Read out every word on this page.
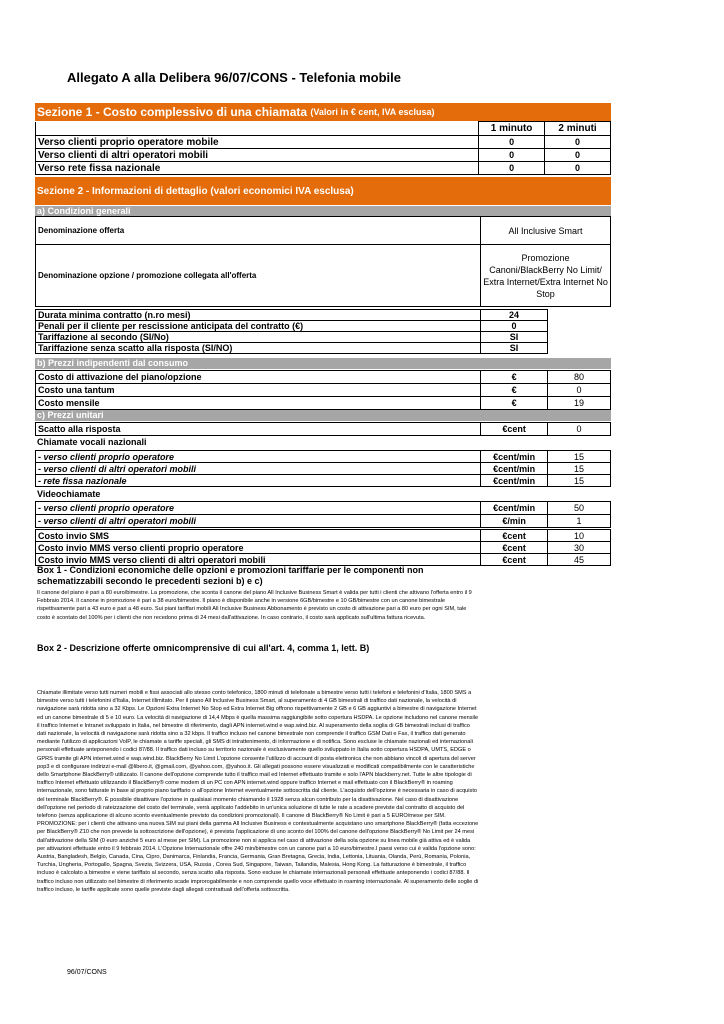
Allegato A alla Delibera 96/07/CONS - Telefonia mobile
Sezione 1 - Costo complessivo di una chiamata
(Valori in € cent, IVA esclusa)
	1 minuto	2 minuti
Verso clienti proprio operatore mobile	0	0
Verso clienti di altri operatori mobili	0	0
Verso rete fissa nazionale	0	0
Sezione 2 - Informazioni di dettaglio (valori economici IVA esclusa)
a) Condizioni generali
Denominazione offerta	All Inclusive Smart
Denominazione opzione / promozione collegata all'offerta	Promozione Canoni/BlackBerry No Limit/ Extra Internet/Extra Internet No Stop
Durata minima contratto (n.ro mesi)	24
Penali per il cliente per rescissione anticipata del contratto (€)	0
Tariffazione al secondo (SI/No)	SI
Tariffazione senza scatto alla risposta (SI/NO)	SI
b) Prezzi indipendenti dal consumo
Costo di attivazione del piano/opzione	€	80
Costo una tantum	€	0
Costo mensile	€	19
c) Prezzi unitari
Scatto alla risposta	€cent	0
Chiamate vocali nazionali
- verso clienti proprio operatore	€cent/min	15
- verso clienti di altri operatori mobili	€cent/min	15
- rete fissa nazionale	€cent/min	15
Videochiamate
- verso clienti proprio operatore	€cent/min	50
- verso clienti di altri operatori mobili	€/min	1
Costo invio SMS	€cent	10
Costo invio MMS verso clienti proprio operatore	€cent	30
Costo invio MMS verso clienti di altri operatori mobili	€cent	45
Box 1 - Condizioni economiche delle opzioni e promozioni tariffarie per le componenti non schematizzabili secondo le precedenti sezioni b) e c)
Il canone del piano è pari a 80 euro/bimestre. La promozione, che sconta il canone del piano All Inclusive Business Smart è valida per tutti i clienti che attivano l'offerta entro il 9 Febbraio 2014. Il canone in promozione è pari a 38 euro/bimestre. Il piano è disponibile anche in versione 6GB/bimestre e 10 GB/bimestre con un canone bimestrale rispettivamente pari a 43 euro e pari a 48 euro. Sui piani tariffari mobili All Inclusive Business Abbonamento è previsto un costo di attivazione pari a 80 euro per ogni SIM, tale costo è scontato del 100% per i clienti che non recedono prima di 24 mesi dall'attivazione. In caso contrario, il costo sarà applicato sull'ultima fattura ricevuta.
Box 2 - Descrizione offerte omnicomprensive di cui all'art. 4, comma 1, lett. B)
Chiamate illimitate verso tutti numeri mobili e fissi associati allo stesso conto telefonico, 1800 minuti di telefonate a bimestre verso tutti i telefoni e telefonini d'Italia, 1800 SMS a bimestre verso tutti i telefonini d'Italia, Internet illimitato. Per il piano All Inclusive Business Smart, al superamento di 4 GB bimestrali di traffico dati nazionale, la velocità di navigazione sarà ridotta sino a 32 Kbps. Le Opzioni Extra Internet No Stop ed Extra Internet Big offrono rispettivamente 2 GB e 6 GB aggiuntivi a bimestre di navigazione Internet ed un canone bimestrale di 5 e 10 euro. La velocità di navigazione di 14,4 Mbps è quella massima raggiungibile sotto copertura HSDPA. Le opzione includono nel canone mensile il traffico Internet e Intranet sviluppato in Italia, nel bimestre di riferimento, dagli APN internet.wind e wap.wind.biz. Al superamento della soglia di GB bimestrali inclusi di traffico dati nazionale, la velocità di navigazione sarà ridotta sino a 32 kbps. Il traffico incluso nel canone bimestrale non comprende il traffico GSM Dati e Fax, il traffico dati generato mediante l'utilizzo di applicazioni VoIP, le chiamate a tariffe speciali, gli SMS di intrattenimento, di informazione e di notifica. Sono escluse le chiamate nazionali ed internazionali personali effettuate anteponendo i codici 87/88. Il traffico dati incluso su territorio nazionale è esclusivamente quello sviluppato in Italia sotto copertura HSDPA, UMTS, EDGE o GPRS tramite gli APN internet.wind e wap.wind.biz. BlackBerry No Limit L'opzione consente l'utilizzo di account di posta elettronica che non abbiano vincoli di apertura del server pop3 e di configurare indirizzi e-mail @libero.it, @gmail.com, @yahoo.com, @yahoo.it. Gli allegati possono essere visualizzati e modificati compatibilmente con le caratteristiche dello Smartphone BlackBerry® utilizzato. Il canone dell'opzione comprende tutto il traffico mail ed Internet effettuato tramite e solo l'APN blackberry.net. Tutte le altre tipologie di traffico Internet effettuato utilizzando il BlackBerry® come modem di un PC con APN internet.wind oppure traffico Internet e mail effettuato con il BlackBerry® in roaming internazionale, sono fatturate in base al proprio piano tariffario o all'opzione Internet eventualmente sottoscritta dal cliente. L'acquisto dell'opzione è necessaria in caso di acquisto del terminale BlackBerry®. È possibile disattivare l'opzione in qualsiasi momento chiamando il 1928 senza alcun contributo per la disattivazione. Nel caso di disattivazione dell'opzione nel periodo di rateizzazione del costo del terminale, verrà applicato l'addebito in un'unica soluzione di tutte le rate a scadere previste dal contratto di acquisto del telefono (senza applicazione di alcuno sconto eventualmente previsto da condizioni promozionali). Il canone di BlackBerry® No Limit è pari a 5 EURO/mese per SIM. PROMOZIONE: per i clienti che attivano una nuova SIM sui piani della gamma All Inclusive Business e contestualmente acquistano uno smartphone BlackBerry® (fatta eccezione per BlackBerry® Z10 che non prevede la sottoscrizione dell'opzione), è prevista l'applicazione di uno sconto del 100% del canone dell'opzione BlackBerry® No Limit per 24 mesi dall'attivazione della SIM (0 euro anziché 5 euro al mese per SIM). La promozione non si applica nel caso di attivazione della sola opzione su linea mobile già attiva ed è valida per attivazioni effettuate entro il 9 febbraio 2014. L'Opzione Internazionale offre 240 min/bimestre con un canone pari a 10 euro/bimestre.I paesi verso cui è valida l'opzione sono: Austria, Bangladesh, Belgio, Canada, Cina, Cipro, Danimarca, Finlandia, Francia, Germania, Gran Bretagna, Grecia, India, Lettonia, Lituania, Olanda, Perù, Romania, Polonia, Turchia, Ungheria, Portogallo, Spagna, Svezia, Svizzera, USA, Russia , Corea Sud, Singapore, Taiwan, Tailandia, Malesia, Hong Kong. La fatturazione è bimestrale, il traffico incluso è calcolato a bimestre e viene tariffato al secondo, senza scatto alla risposta. Sono escluse le chiamate internazionali personali effettuate anteponendo i codici 87/88. Il traffico incluso non utilizzato nel bimestre di riferimento scade improrogabilmente e non comprende quello voce effettuato in roaming internazionale. Al superamento delle soglie di traffico incluso, le tariffe applicate sono quelle previste dagli allegati contrattuali dell'offerta sottoscritta.
96/07/CONS
